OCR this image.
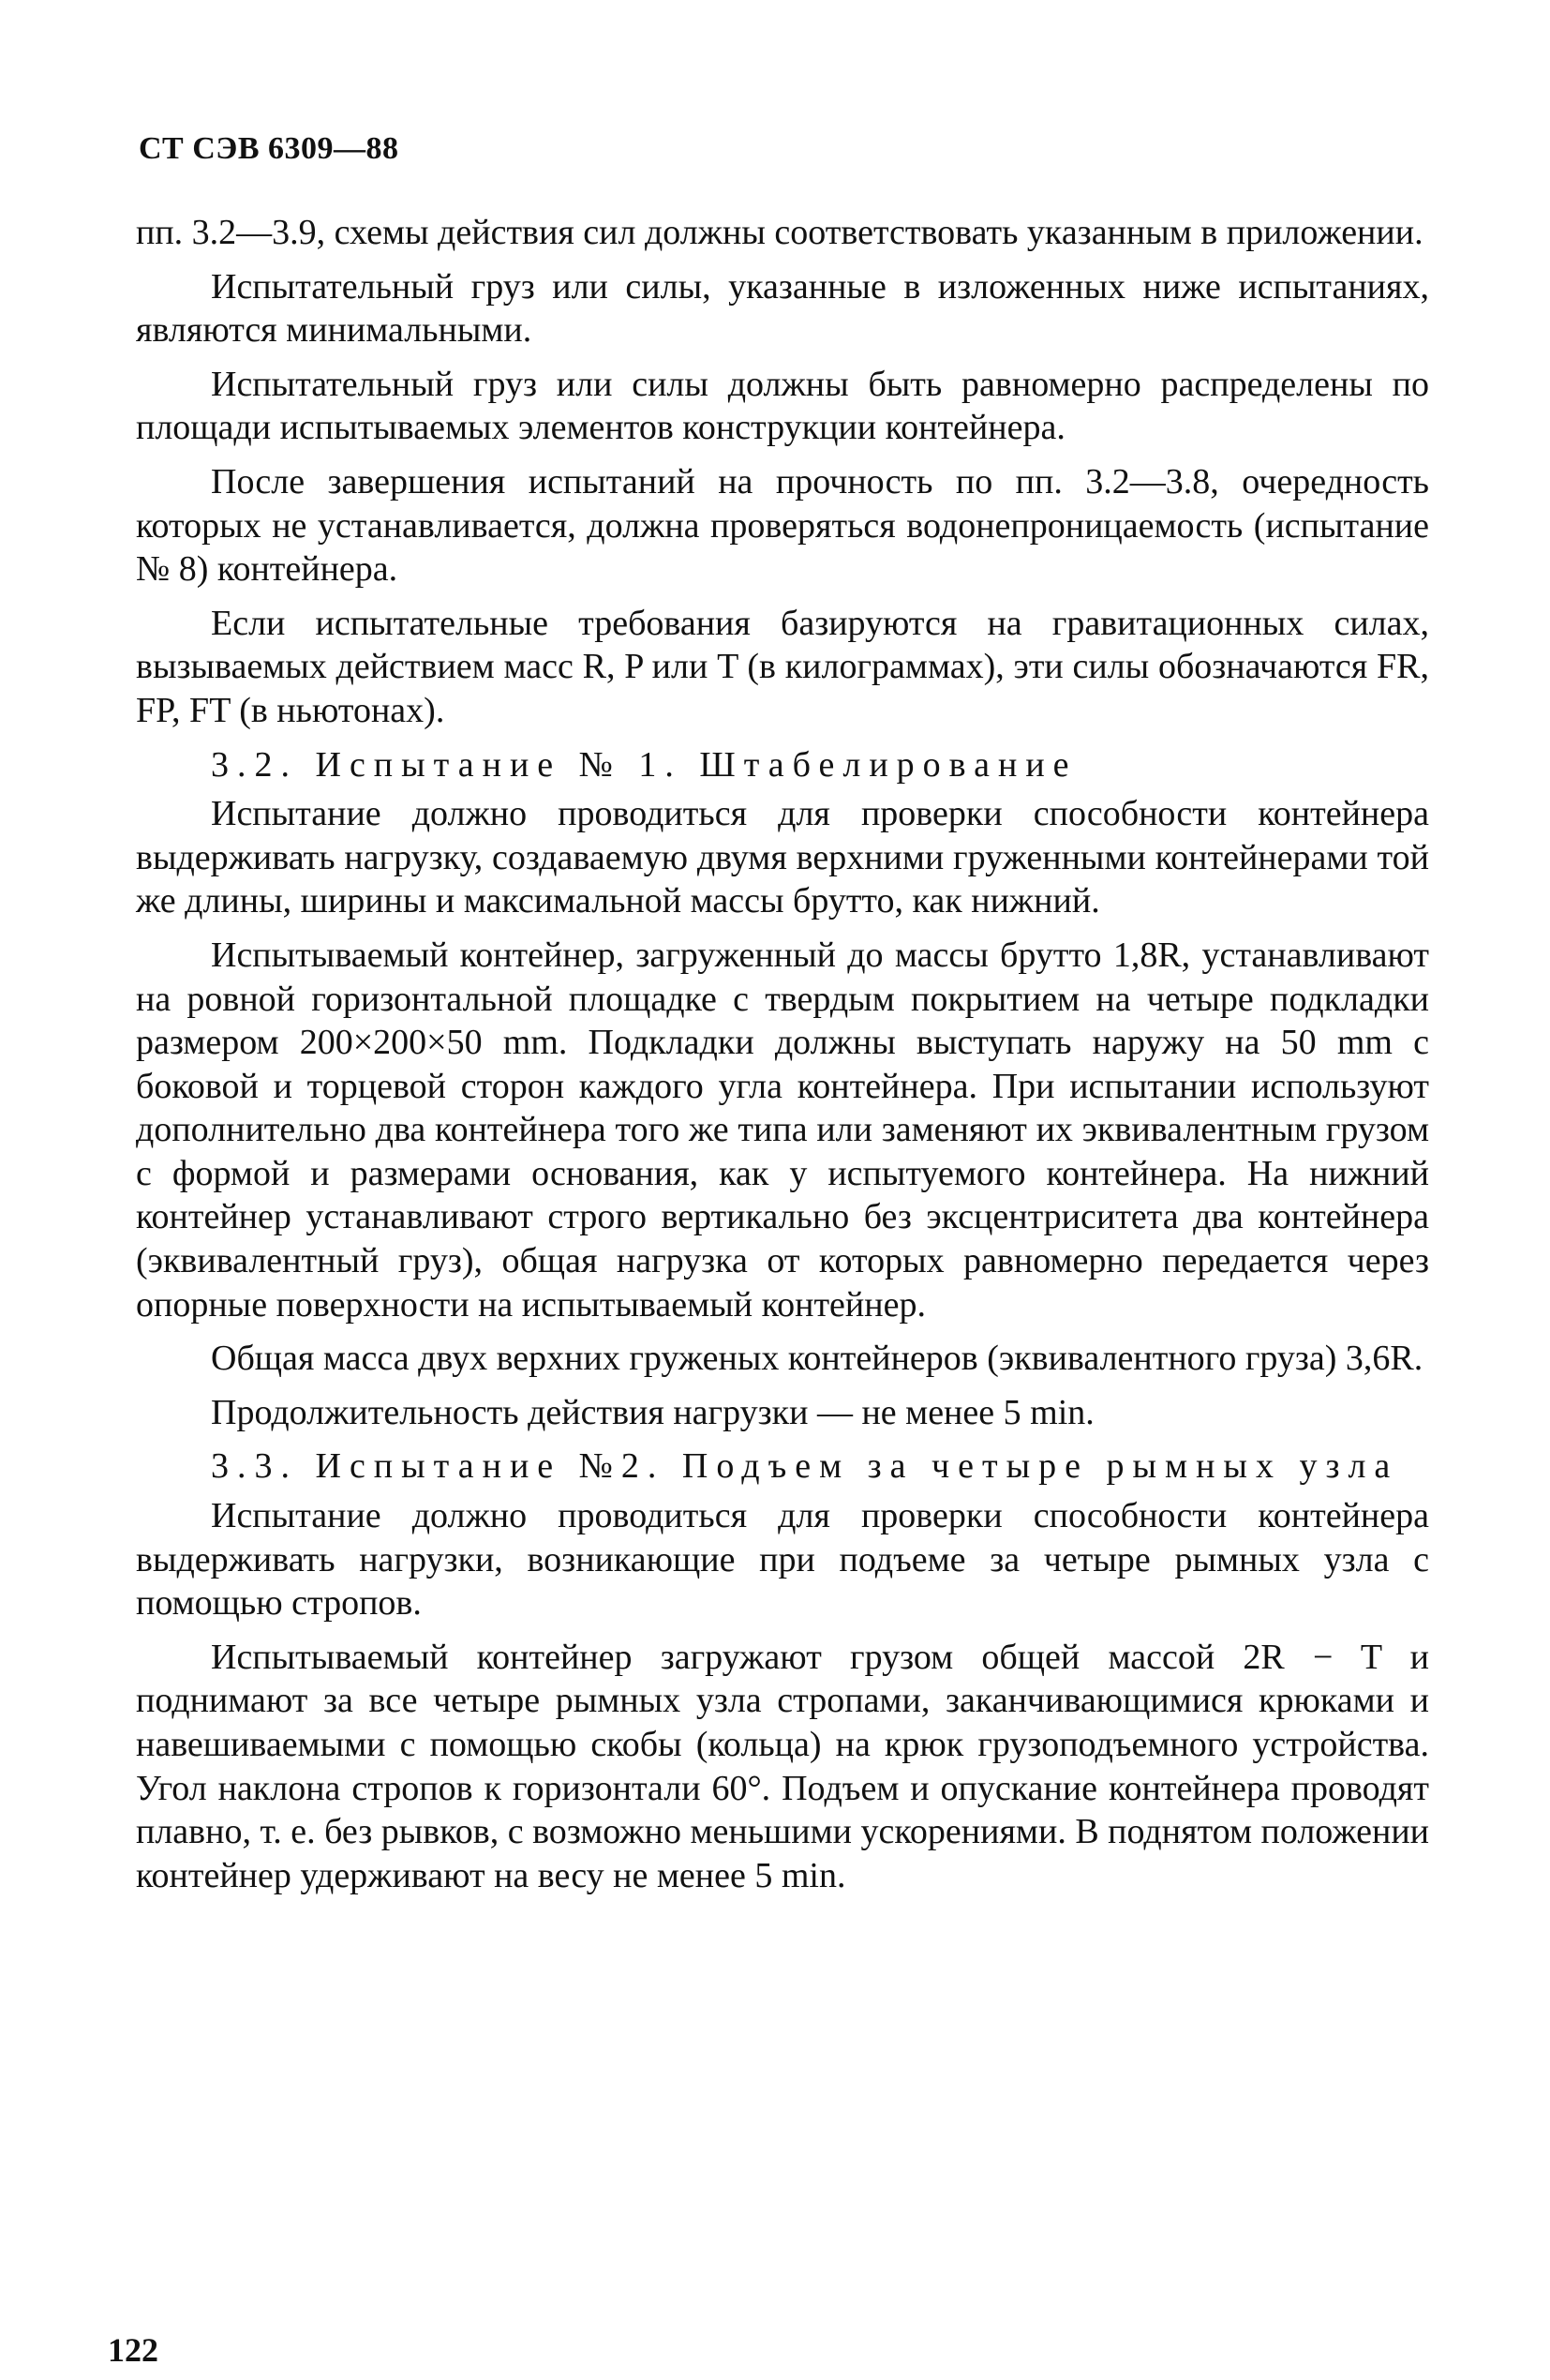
СТ СЭВ 6309—88

пп. 3.2—3.9, схемы действия сил должны соответствовать указанным в приложении.

Испытательный груз или силы, указанные в изложенных ниже испытаниях, являются минимальными.

Испытательный груз или силы должны быть равномерно распределены по площади испытываемых элементов конструкции контейнера.

После завершения испытаний на прочность по пп. 3.2—3.8, очередность которых не устанавливается, должна проверяться водонепроницаемость (испытание № 8) контейнера.

Если испытательные требования базируются на гравитационных силах, вызываемых действием масс R, P или T (в килограммах), эти силы обозначаются FR, FP, FT (в ньютонах).

3.2. Испытание № 1. Штабелирование

Испытание должно проводиться для проверки способности контейнера выдерживать нагрузку, создаваемую двумя верхними груженными контейнерами той же длины, ширины и максимальной массы брутто, как нижний.

Испытываемый контейнер, загруженный до массы брутто 1,8R, устанавливают на ровной горизонтальной площадке с твердым покрытием на четыре подкладки размером 200×200×50 mm. Подкладки должны выступать наружу на 50 mm с боковой и торцевой сторон каждого угла контейнера. При испытании используют дополнительно два контейнера того же типа или заменяют их эквивалентным грузом с формой и размерами основания, как у испытуемого контейнера. На нижний контейнер устанавливают строго вертикально без эксцентриситета два контейнера (эквивалентный груз), общая нагрузка от которых равномерно передается через опорные поверхности на испытываемый контейнер.

Общая масса двух верхних груженых контейнеров (эквивалентного груза) 3,6R.

Продолжительность действия нагрузки — не менее 5 min.

3.3. Испытание №2. Подъем за четыре рымных узла

Испытание должно проводиться для проверки способности контейнера выдерживать нагрузки, возникающие при подъеме за четыре рымных узла с помощью стропов.

Испытываемый контейнер загружают грузом общей массой 2R − T и поднимают за все четыре рымных узла стропами, заканчивающимися крюками и навешиваемыми с помощью скобы (кольца) на крюк грузоподъемного устройства. Угол наклона стропов к горизонтали 60°. Подъем и опускание контейнера проводят плавно, т. е. без рывков, с возможно меньшими ускорениями. В поднятом положении контейнер удерживают на весу не менее 5 min.

122
